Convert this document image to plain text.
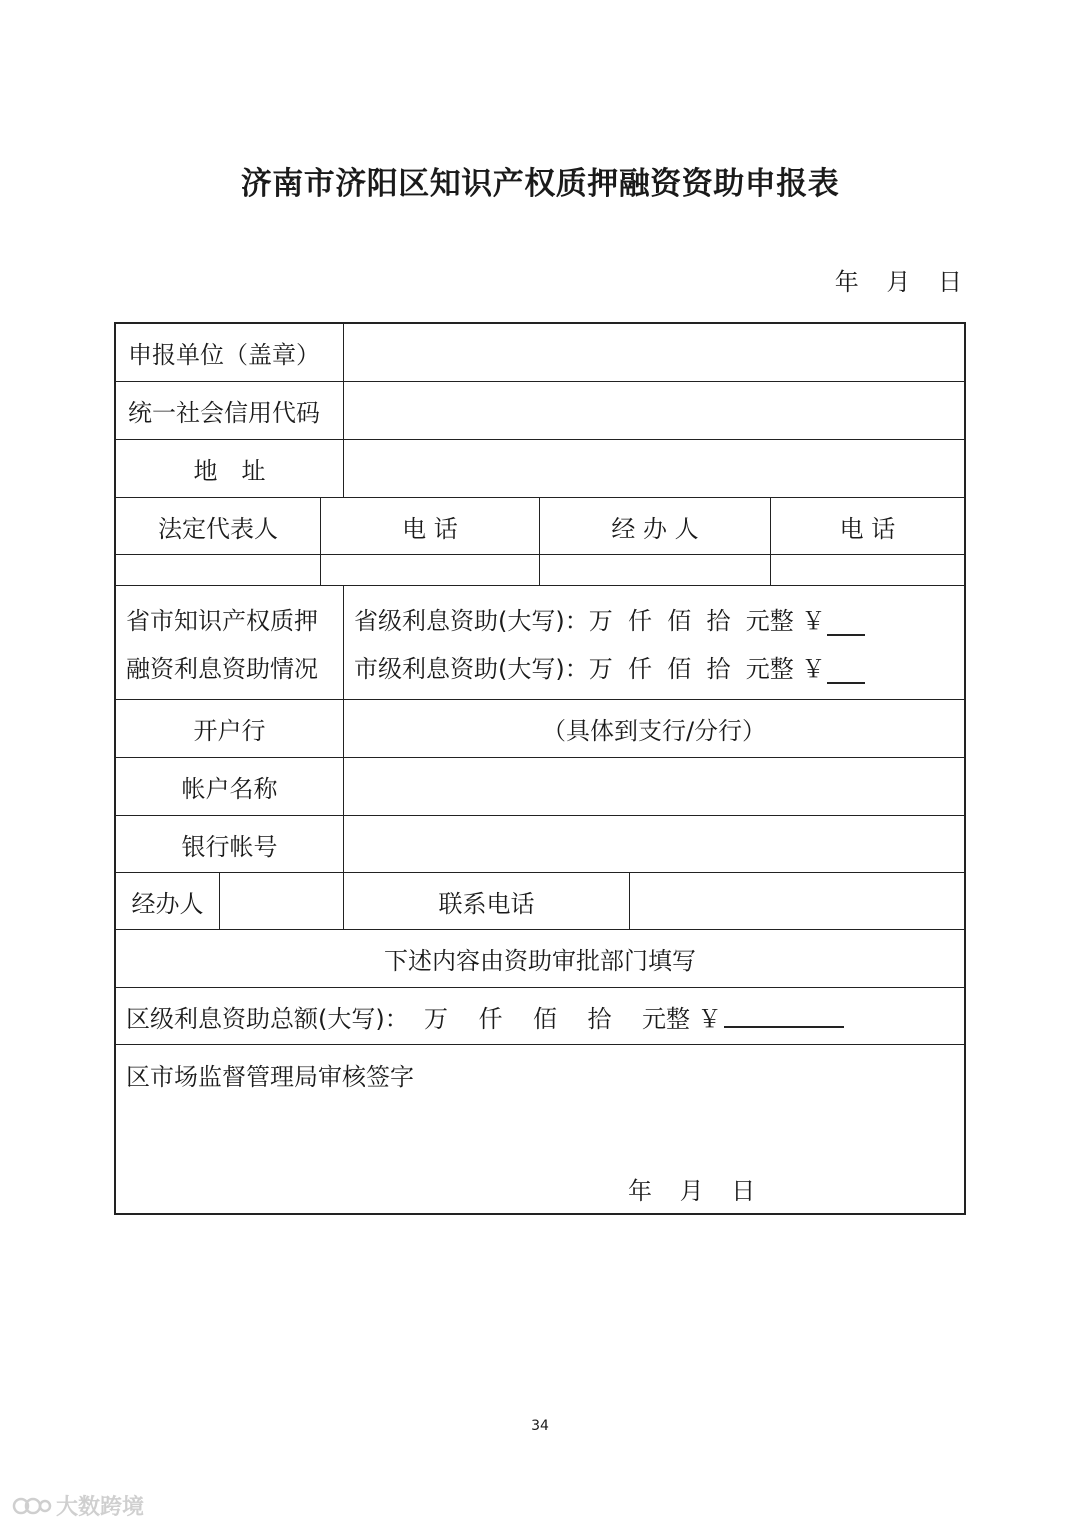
济南市济阳区知识产权质押融资资助申报表
年 月 日
申报单位（盖章）
统一社会信用代码
地　址
法定代表人	电 话	经 办 人	电 话
省市知识产权质押
融资利息资助情况
省级利息资助(大写)：万  仟  佰  拾  元整 ￥
市级利息资助(大写)：万  仟  佰  拾  元整 ￥
开户行	（具体到支行/分行）
帐户名称
银行帐号
经办人	联系电话
下述内容由资助审批部门填写
区级利息资助总额(大写)：  万    仟    佰    拾    元整 ￥
区市场监督管理局审核签字
年 月 日
34
大数跨境
